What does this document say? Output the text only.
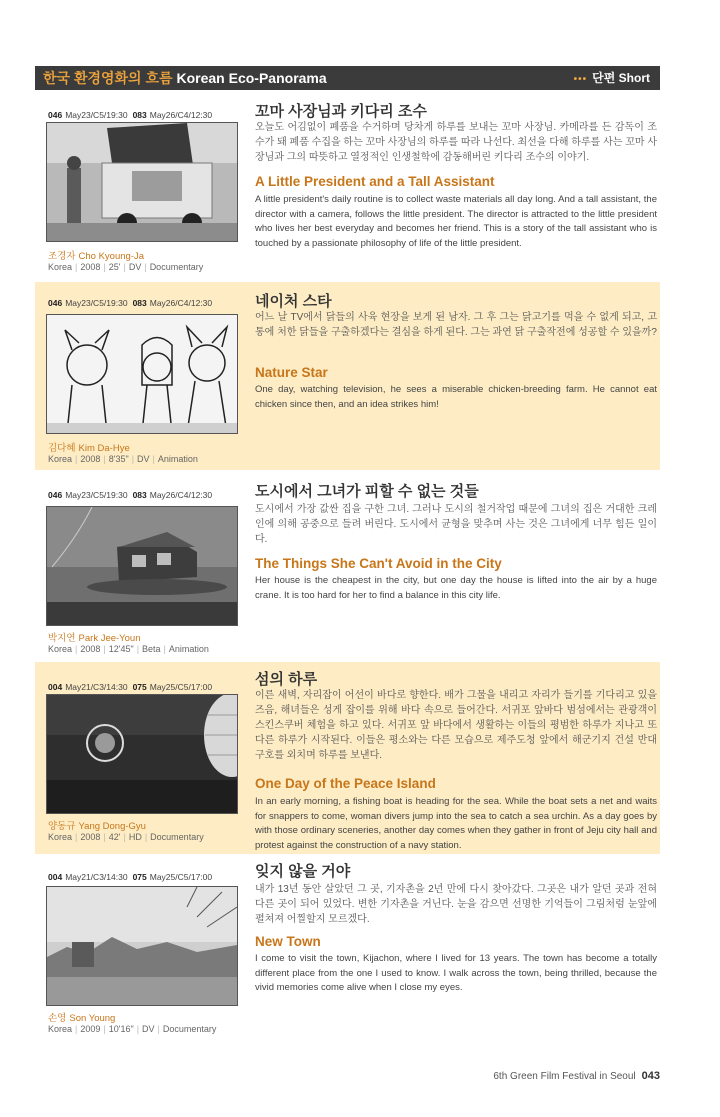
한국 환경영화의 흐름 Korean Eco-Panorama	••• 단편 Short
046 May23/C5/19:30 083 May26/C4/12:30
조경자 Cho Kyoung-Ja
Korea | 2008 | 25' | DV | Documentary
꼬마 사장님과 키다리 조수
오늘도 어김없이 폐품을 수거하며 당차게 하루를 보내는 꼬마 사장님. 카메라를 든 감독이 조수가 돼 폐품 수집을 하는 꼬마 사장님의 하루를 따라 나선다. 최선을 다해 하루를 사는 꼬마 사장님과 그의 따뜻하고 열정적인 인생철학에 감동해버린 키다리 조수의 이야기.
A Little President and a Tall Assistant
A little president's daily routine is to collect waste materials all day long. And a tall assistant, the director with a camera, follows the little president. The director is attracted to the little president who lives her best everyday and becomes her friend. This is a story of the tall assistant who is touched by a passionate philosophy of life of the little president.
046 May23/C5/19:30 083 May26/C4/12:30
김다혜 Kim Da-Hye
Korea | 2008 | 8'35" | DV | Animation
네이처 스타
어느 날 TV에서 닭들의 사육 현장을 보게 된 남자. 그 후 그는 닭고기를 먹을 수 없게 되고, 고통에 처한 닭들을 구출하겠다는 결심을 하게 된다. 그는 과연 닭 구출작전에 성공할 수 있을까?
Nature Star
One day, watching television, he sees a miserable chicken-breeding farm. He cannot eat chicken since then, and an idea strikes him!
046 May23/C5/19:30 083 May26/C4/12:30
박지연 Park Jee-Youn
Korea | 2008 | 12'45" | Beta | Animation
도시에서 그녀가 피할 수 없는 것들
도시에서 가장 값싼 집을 구한 그녀. 그러나 도시의 철거작업 때문에 그녀의 집은 거대한 크레인에 의해 공중으로 들려 버린다. 도시에서 균형을 맞추며 사는 것은 그녀에게 너무 힘든 일이다.
The Things She Can't Avoid in the City
Her house is the cheapest in the city, but one day the house is lifted into the air by a huge crane. It is too hard for her to find a balance in this city life.
004 May21/C3/14:30 075 May25/C5/17:00
양동규 Yang Dong-Gyu
Korea | 2008 | 42' | HD | Documentary
섬의 하루
이른 새벽, 자리잡이 어선이 바다로 향한다. 배가 그물을 내리고 자리가 들기를 기다리고 있을 즈음, 해녀들은 성게 잡이를 위해 바다 속으로 들어간다. 서귀포 앞바다 범섬에서는 관광객이 스킨스쿠버 체험을 하고 있다. 서귀포 앞 바다에서 생활하는 이들의 평범한 하루가 지나고 또 다른 하루가 시작된다. 이들은 평소와는 다른 모습으로 제주도청 앞에서 해군기지 건설 반대 구호를 외치며 하루를 보낸다.
One Day of the Peace Island
In an early morning, a fishing boat is heading for the sea. While the boat sets a net and waits for snappers to come, woman divers jump into the sea to catch a sea urchin. As a day goes by with those ordinary sceneries, another day comes when they gather in front of Jeju city hall and protest against the construction of a navy station.
004 May21/C3/14:30 075 May25/C5/17:00
손영 Son Young
Korea | 2009 | 10'16" | DV | Documentary
잊지 않을 거야
내가 13년 동안 살았던 그 곳, 기자촌을 2년 만에 다시 찾아갔다. 그곳은 내가 알던 곳과 전혀 다른 곳이 되어 있었다. 변한 기자촌을 거닌다. 눈을 감으면 선명한 기억들이 그림처럼 눈앞에 펼쳐져 어찔할지 모르겠다.
New Town
I come to visit the town, Kijachon, where I lived for 13 years. The town has become a totally different place from the one I used to know. I walk across the town, being thrilled, because the vivid memories come alive when I close my eyes.
6th Green Film Festival in Seoul 043
